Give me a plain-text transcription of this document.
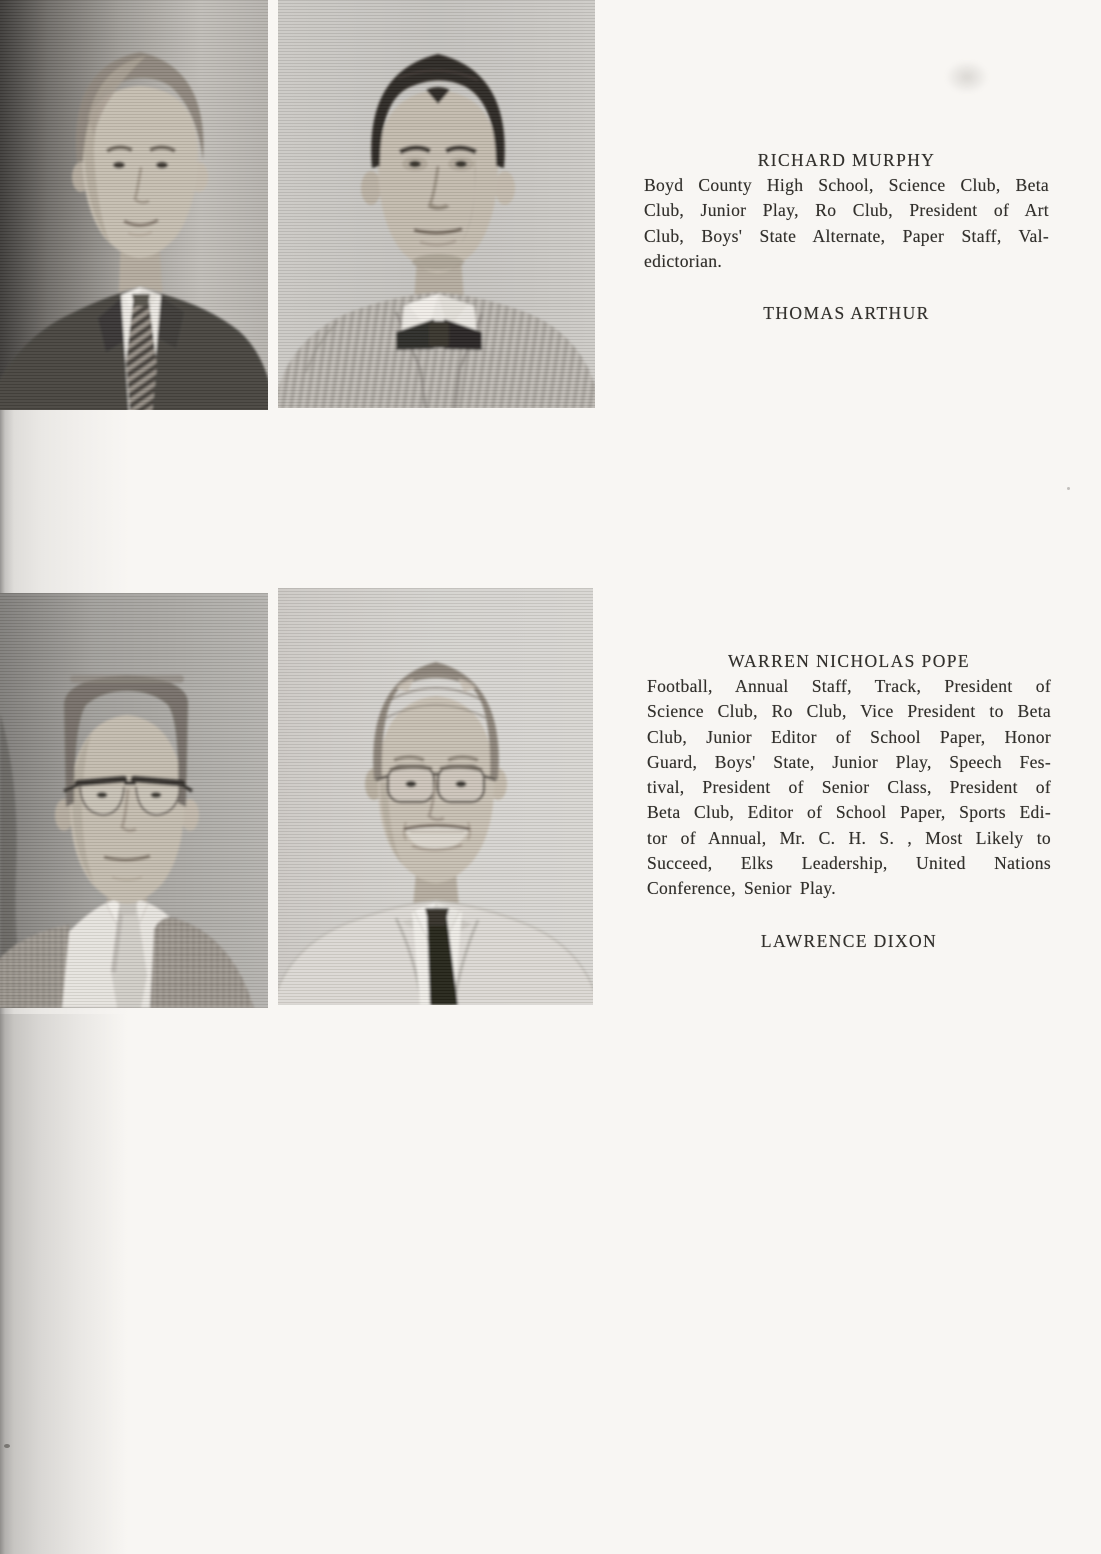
RICHARD MURPHY
Boyd County High School, Science Club, Beta
Club, Junior Play, Ro Club, President of Art
Club, Boys' State Alternate, Paper Staff, Val-
edictorian.
THOMAS ARTHUR
WARREN NICHOLAS POPE
Football, Annual Staff, Track, President of
Science Club, Ro Club, Vice President to Beta
Club, Junior Editor of School Paper, Honor
Guard, Boys' State, Junior Play, Speech Fes-
tival, President of Senior Class, President of
Beta Club, Editor of School Paper, Sports Edi-
tor of Annual, Mr. C. H. S. , Most Likely to
Succeed, Elks Leadership, United Nations
Conference, Senior Play.
LAWRENCE DIXON
